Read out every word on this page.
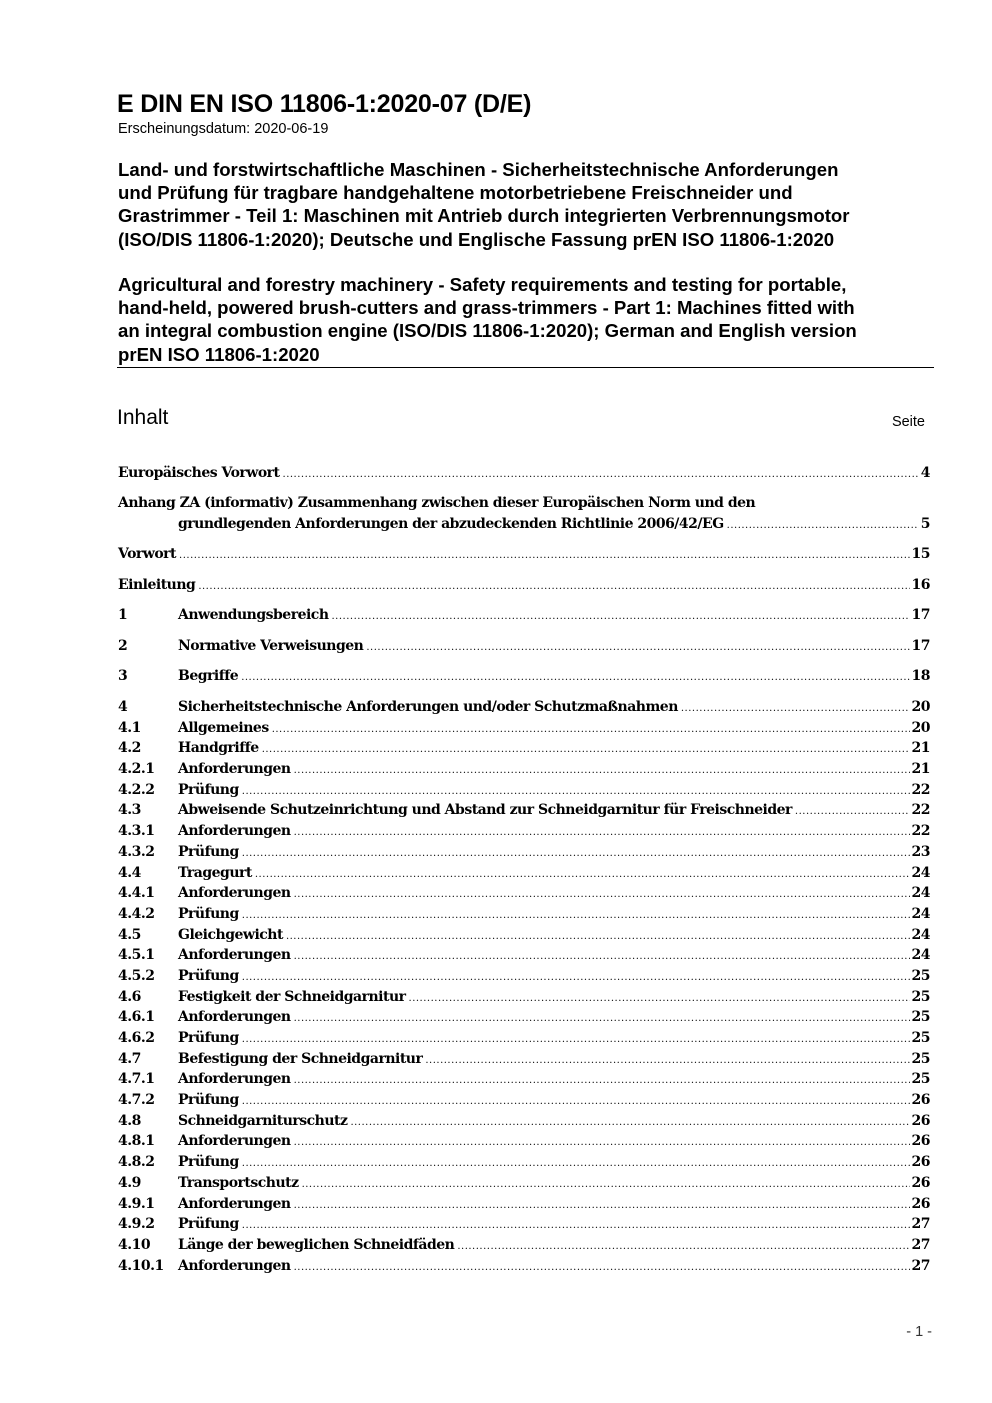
E DIN EN ISO 11806-1:2020-07 (D/E)
Erscheinungsdatum: 2020-06-19
Land- und forstwirtschaftliche Maschinen - Sicherheitstechnische Anforderungen
und Prüfung für tragbare handgehaltene motorbetriebene Freischneider und
Grastrimmer - Teil 1: Maschinen mit Antrieb durch integrierten Verbrennungsmotor
(ISO/DIS 11806-1:2020); Deutsche und Englische Fassung prEN ISO 11806-1:2020
Agricultural and forestry machinery - Safety requirements and testing for portable,
hand-held, powered brush-cutters and grass-trimmers - Part 1: Machines fitted with
an integral combustion engine (ISO/DIS 11806-1:2020); German and English version
prEN ISO 11806-1:2020
Inhalt	Seite
Europäisches Vorwort .....	4
Anhang ZA (informativ) Zusammenhang zwischen dieser Europäischen Norm und den
grundlegenden Anforderungen der abzudeckenden Richtlinie 2006/42/EG .....	5
Vorwort .....	15
Einleitung .....	16
1	Anwendungsbereich .....	17
2	Normative Verweisungen .....	17
3	Begriffe .....	18
4	Sicherheitstechnische Anforderungen und/oder Schutzmaßnahmen .....	20
4.1	Allgemeines .....	20
4.2	Handgriffe .....	21
4.2.1	Anforderungen .....	21
4.2.2	Prüfung .....	22
4.3	Abweisende Schutzeinrichtung und Abstand zur Schneidgarnitur für Freischneider .....	22
4.3.1	Anforderungen .....	22
4.3.2	Prüfung .....	23
4.4	Tragegurt .....	24
4.4.1	Anforderungen .....	24
4.4.2	Prüfung .....	24
4.5	Gleichgewicht .....	24
4.5.1	Anforderungen .....	24
4.5.2	Prüfung .....	25
4.6	Festigkeit der Schneidgarnitur .....	25
4.6.1	Anforderungen .....	25
4.6.2	Prüfung .....	25
4.7	Befestigung der Schneidgarnitur .....	25
4.7.1	Anforderungen .....	25
4.7.2	Prüfung .....	26
4.8	Schneidgarniturschutz .....	26
4.8.1	Anforderungen .....	26
4.8.2	Prüfung .....	26
4.9	Transportschutz .....	26
4.9.1	Anforderungen .....	26
4.9.2	Prüfung .....	27
4.10	Länge der beweglichen Schneidfäden .....	27
4.10.1	Anforderungen .....	27
- 1 -
